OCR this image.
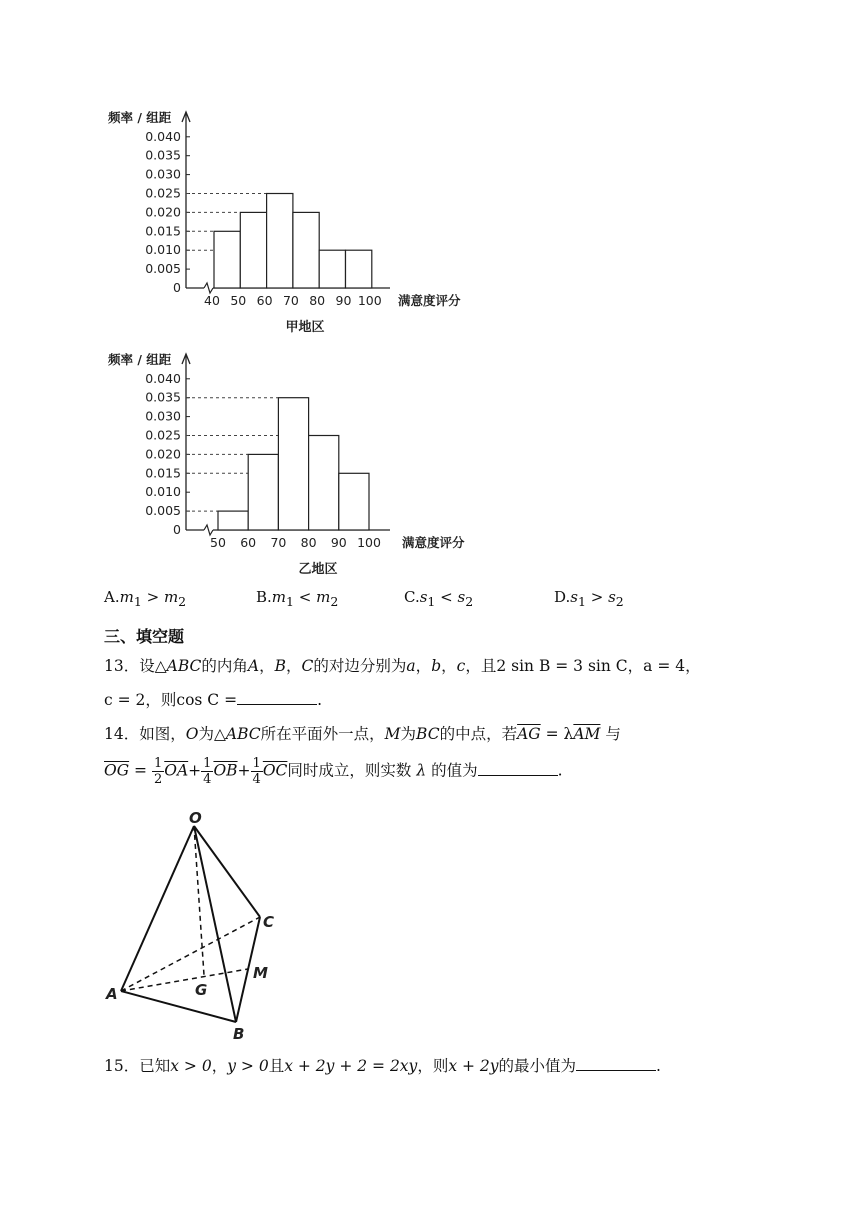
0
0.005
0.010
0.015
0.020
0.025
0.030
0.035
0.040
频率 / 组距
40 50 60 70 80 90 100 满意度评分
甲地区
0
0.005
0.010
0.015
0.020
0.025
0.030
0.035
0.040
频率 / 组距
50 60 70 80 90 100 满意度评分
乙地区
$A.m_1 > m_2$	$B.m_1 < m_2$	$C.s_1 < s_2$	$D.s_1 > s_2$
三、填空题
13．设△ABC的内角A，B，C的对边分别为a，b，c，且2 sin B = 3 sin C，a = 4，
c = 2，则cos C =	.
14．如图，O为△ABC所在平面外一点，M为BC的中点，若$\overline{AG} = \lambda\overline{AM}$ 与
$\overline{OG} = \frac{1}{2} \overline{OA}+ \frac{1}{4} \overline{OB}+ \frac{1}{4} \overline{OC}$同时成立，则实数 λ 的值为	.
O
A
B
C
M
G
15．已知x > 0，y > 0且x + 2y + 2 = 2xy，则x + 2y的最小值为	.
